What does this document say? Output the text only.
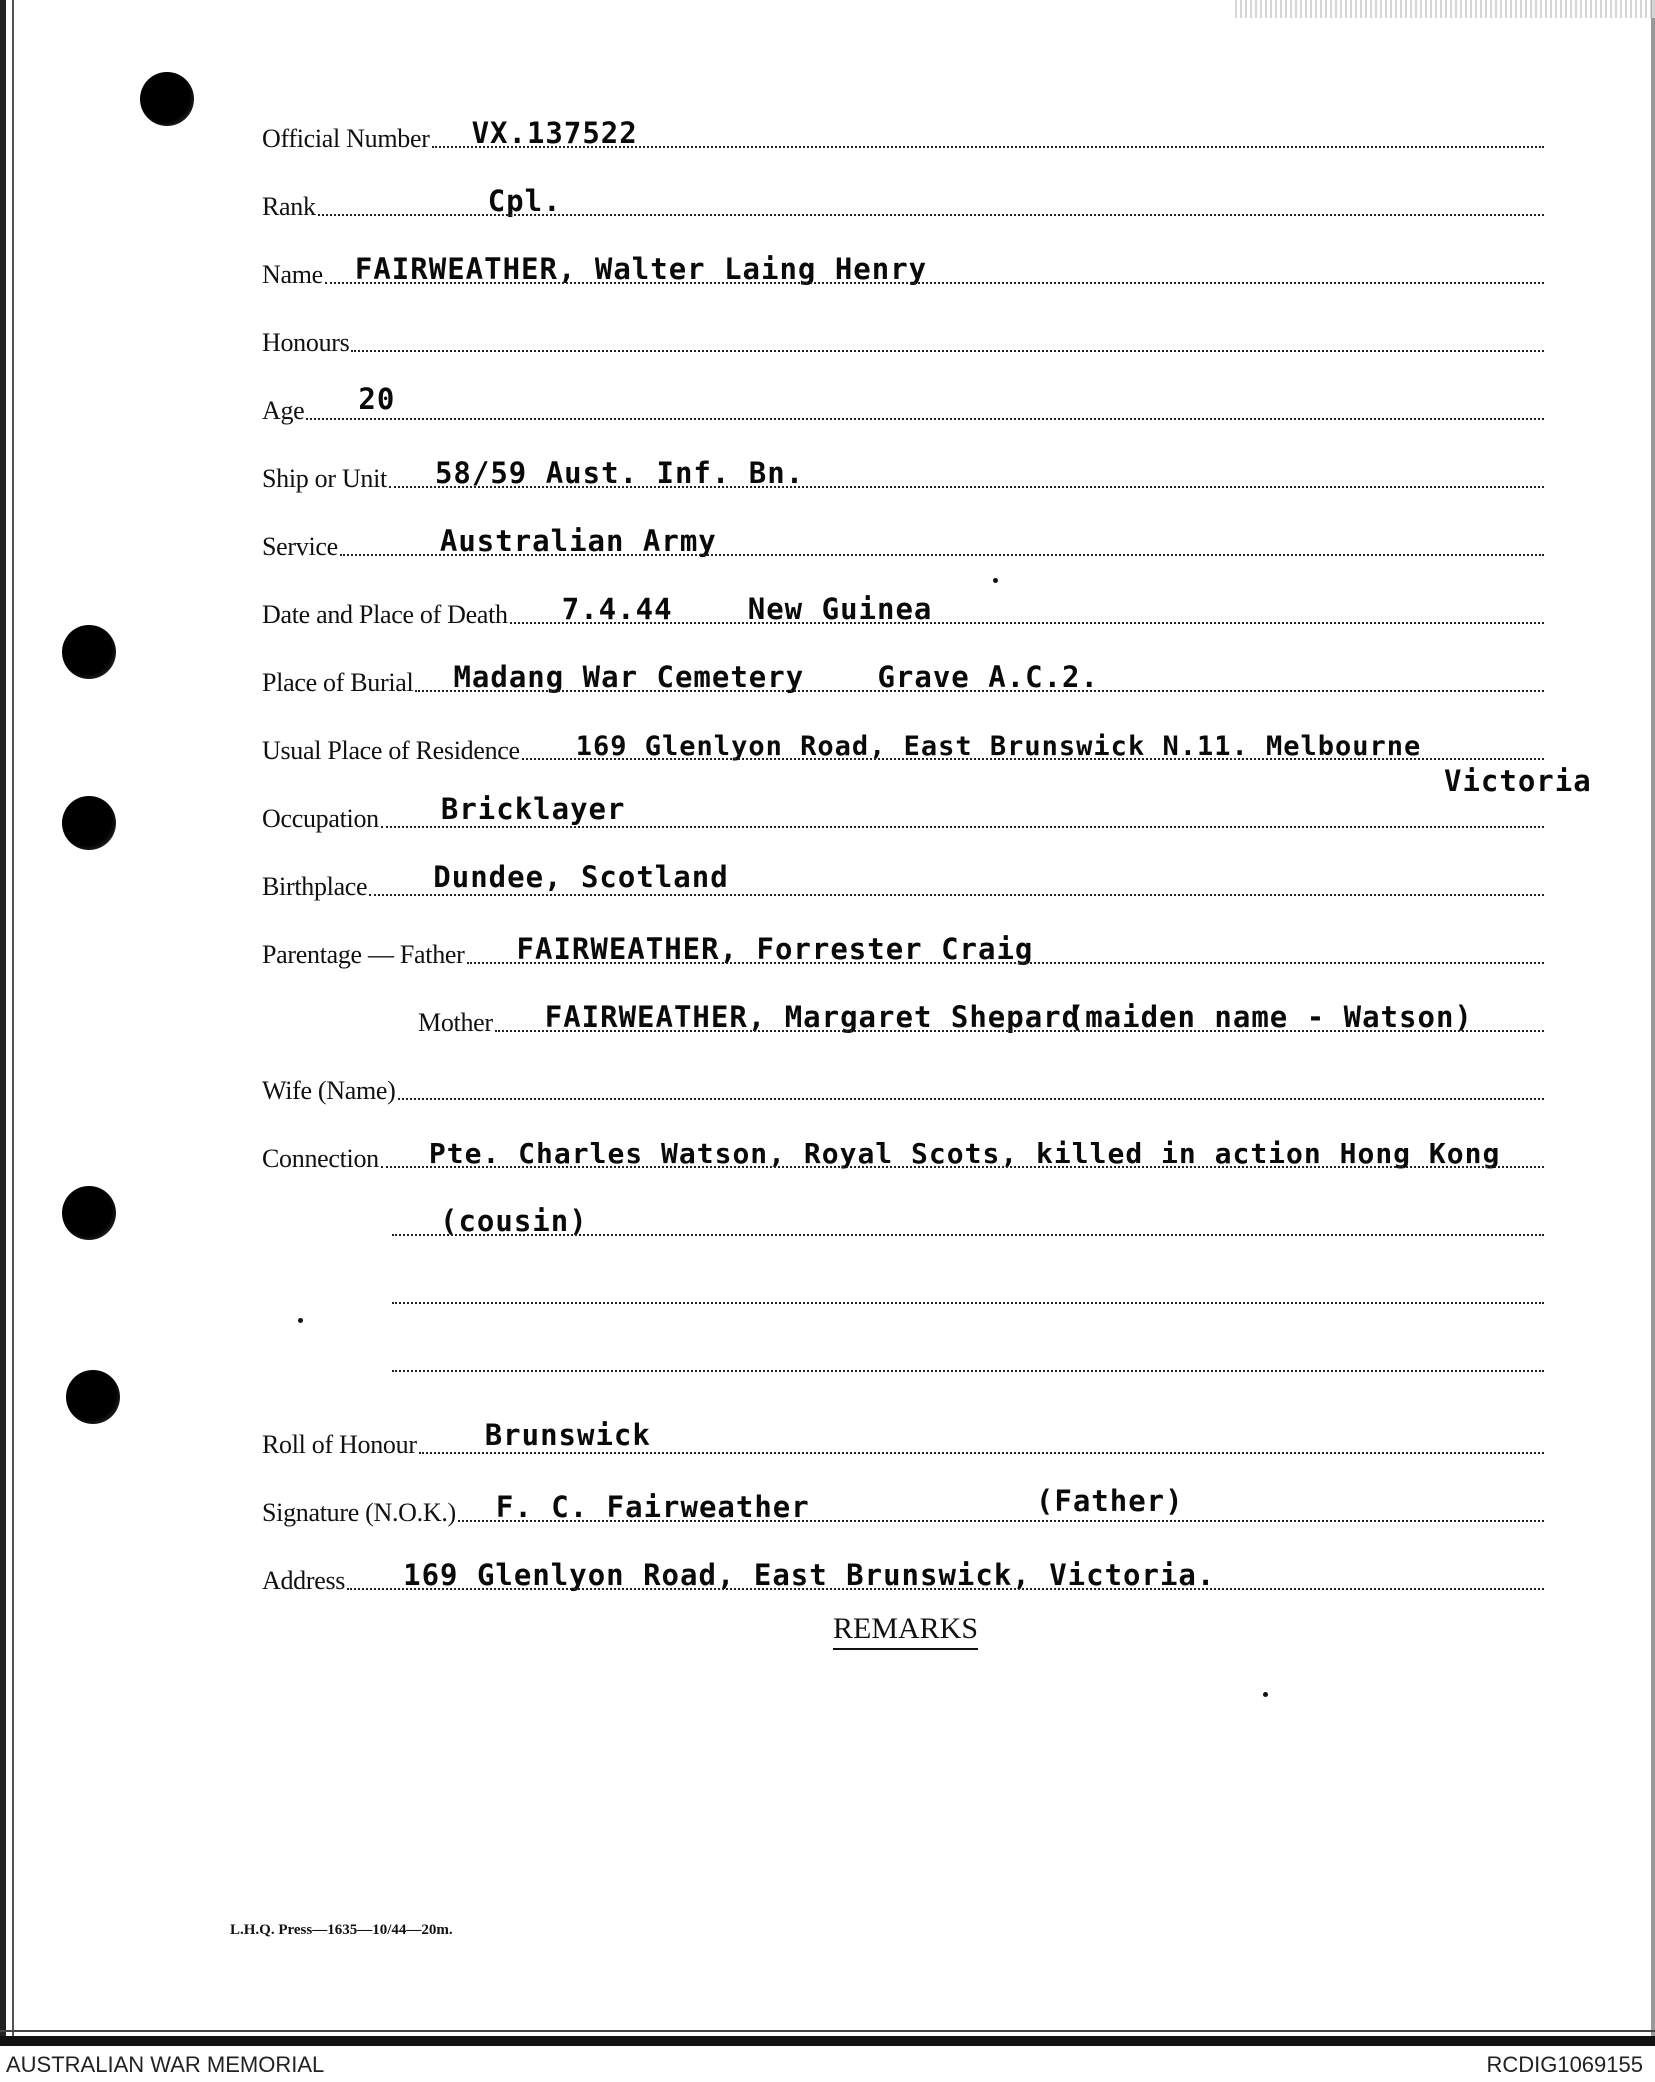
Official Number VX.137522
Rank	Cpl.
Name FAIRWEATHER, Walter Laing Henry
Honours
Age 20
Ship or Unit 58/59 Aust. Inf. Bn.
Service	Australian Army
Date and Place of Death 7.4.44	New Guinea
Place of Burial Madang War Cemetery	Grave A.C.2.
Usual Place of Residence 169 Glenlyon Road, East Brunswick N.11. Melbourne
Victoria
Occupation Bricklayer
Birthplace Dundee, Scotland
Parentage — Father FAIRWEATHER, Forrester Craig
Mother FAIRWEATHER, Margaret Shepard
(maiden name - Watson)
Wife (Name)
Connection Pte. Charles Watson, Royal Scots, killed in action Hong Kong
(cousin)
Roll of Honour Brunswick
Signature (N.O.K.) F. C. Fairweather	(Father)
Address 169 Glenlyon Road, East Brunswick, Victoria.
REMARKS
L.H.Q. Press—1635—10/44—20m.
AUSTRALIAN WAR MEMORIAL	RCDIG1069155
